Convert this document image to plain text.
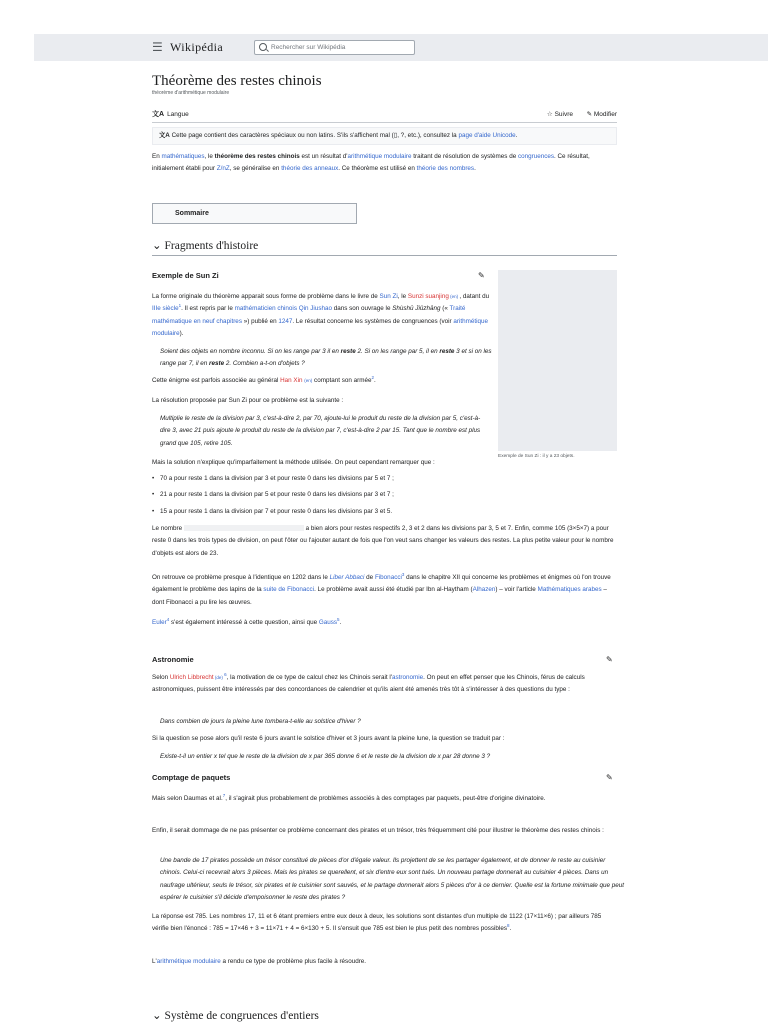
☰ Wikipédia	Rechercher sur Wikipédia
Théorème des restes chinois
théorème d'arithmétique modulaire
文A Langue	☆ Suivre ✎ Modifier
文A Cette page contient des caractères spéciaux ou non latins. S'ils s'affichent mal (▯, ?, etc.), consultez la page d'aide Unicode.
En mathématiques, le théorème des restes chinois est un résultat d'arithmétique modulaire traitant de résolution de systèmes de congruences. Ce résultat, initialement établi pour Z/nZ, se généralise en théorie des anneaux. Ce théorème est utilisé en théorie des nombres.
Sommaire
⌄ Fragments d'histoire
Exemple de Sun Zi	✎
Exemple de Sun Zi : il y a 23 objets.
La forme originale du théorème apparait sous forme de problème dans le livre de Sun Zi, le Sunzi suanjing (en) , datant du IIIe siècle$^1$. Il est repris par le mathématicien chinois Qin Jiushao dans son ouvrage le Shùshū Jiǔzhāng (« Traité mathématique en neuf chapitres ») publié en 1247. Le résultat concerne les systèmes de congruences (voir arithmétique modulaire).
Soient des objets en nombre inconnu. Si on les range par 3 il en reste 2. Si on les range par 5, il en reste 3 et si on les range par 7, il en reste 2. Combien a-t-on d'objets ?
Cette énigme est parfois associée au général Han Xin (en) comptant son armée$^2$.
La résolution proposée par Sun Zi pour ce problème est la suivante :
Multiplie le reste de la division par 3, c'est-à-dire 2, par 70, ajoute-lui le produit du reste de la division par 5, c'est-à-dire 3, avec 21 puis ajoute le produit du reste de la division par 7, c'est-à-dire 2 par 15. Tant que le nombre est plus grand que 105, retire 105.
Mais la solution n'explique qu'imparfaitement la méthode utilisée. On peut cependant remarquer que :
• 70 a pour reste 1 dans la division par 3 et pour reste 0 dans les divisions par 5 et 7 ;
• 21 a pour reste 1 dans la division par 5 et pour reste 0 dans les divisions par 3 et 7 ;
• 15 a pour reste 1 dans la division par 7 et pour reste 0 dans les divisions par 3 et 5.
Le nombre	a bien alors pour restes respectifs 2, 3 et 2 dans les divisions par 3, 5 et 7. Enfin, comme 105 (3×5×7) a pour reste 0 dans les trois types de division, on peut l'ôter ou l'ajouter autant de fois que l'on veut sans changer les valeurs des restes. La plus petite valeur pour le nombre d'objets est alors de 23.
On retrouve ce problème presque à l'identique en 1202 dans le Liber Abbaci de Fibonacci$^3$ dans le chapitre XII qui concerne les problèmes et énigmes où l'on trouve également le problème des lapins de la suite de Fibonacci. Le problème avait aussi été étudié par Ibn al-Haytham (Alhazen) – voir l'article Mathématiques arabes – dont Fibonacci a pu lire les œuvres.
Euler$^4$ s'est également intéressé à cette question, ainsi que Gauss$^5$.
Astronomie	✎
Selon Ulrich Libbrecht (de) $^6$, la motivation de ce type de calcul chez les Chinois serait l'astronomie. On peut en effet penser que les Chinois, férus de calculs astronomiques, puissent être intéressés par des concordances de calendrier et qu'ils aient été amenés très tôt à s'intéresser à des questions du type :
Dans combien de jours la pleine lune tombera-t-elle au solstice d'hiver ?
Si la question se pose alors qu'il reste 6 jours avant le solstice d'hiver et 3 jours avant la pleine lune, la question se traduit par :
Existe-t-il un entier x tel que le reste de la division de x par 365 donne 6 et le reste de la division de x par 28 donne 3 ?
Comptage de paquets	✎
Mais selon Daumas et al.$^7$, il s'agirait plus probablement de problèmes associés à des comptages par paquets, peut-être d'origine divinatoire.
Enfin, il serait dommage de ne pas présenter ce problème concernant des pirates et un trésor, très fréquemment cité pour illustrer le théorème des restes chinois :
Une bande de 17 pirates possède un trésor constitué de pièces d'or d'égale valeur. Ils projettent de se les partager également, et de donner le reste au cuisinier chinois. Celui-ci recevrait alors 3 pièces. Mais les pirates se querellent, et six d'entre eux sont tués. Un nouveau partage donnerait au cuisinier 4 pièces. Dans un naufrage ultérieur, seuls le trésor, six pirates et le cuisinier sont sauvés, et le partage donnerait alors 5 pièces d'or à ce dernier. Quelle est la fortune minimale que peut espérer le cuisinier s'il décide d'empoisonner le reste des pirates ?
La réponse est 785. Les nombres 17, 11 et 6 étant premiers entre eux deux à deux, les solutions sont distantes d'un multiple de 1122 (17×11×6) ; par ailleurs 785 vérifie bien l'énoncé : 785 = 17×46 + 3 = 11×71 + 4 = 6×130 + 5. Il s'ensuit que 785 est bien le plus petit des nombres possibles$^8$.
L'arithmétique modulaire a rendu ce type de problème plus facile à résoudre.
⌄ Système de congruences d'entiers
